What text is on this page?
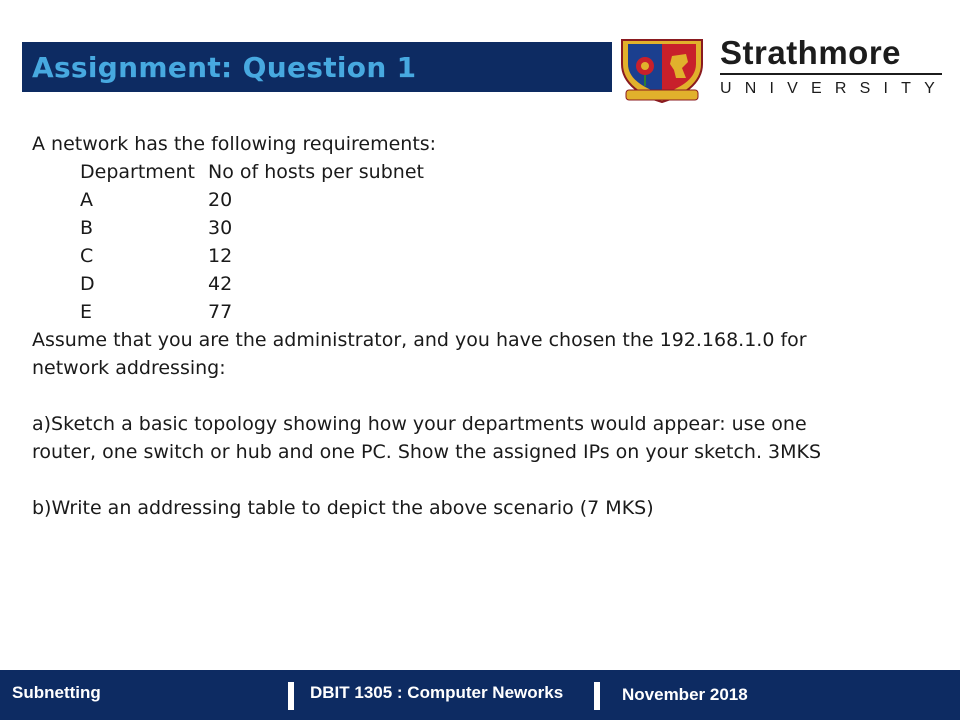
Assignment: Question 1	Strathmore
UNIVERSITY
A network has the following requirements:
Department No of hosts per subnet
A	20
B	30
C	12
D	42
E	77
Assume that you are the administrator, and you have chosen the 192.168.1.0 for
network addressing:
a)Sketch a basic topology showing how your departments would appear: use one
router, one switch or hub and one PC. Show the assigned IPs on your sketch. 3MKS
b)Write an addressing table to depict the above scenario (7 MKS)
Subnetting	DBIT 1305 : Computer Neworks	November 2018
